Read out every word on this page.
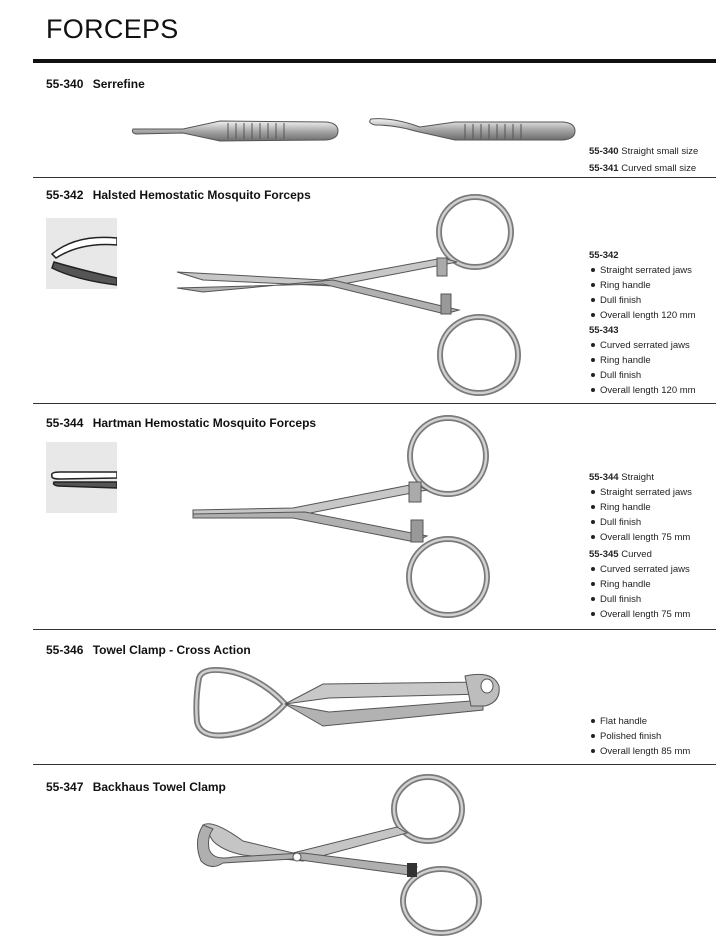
FORCEPS
55-340 Serrefine
55-340 Straight small size
55-341 Curved small size
55-342 Halsted Hemostatic Mosquito Forceps
55-342
Straight serrated jaws
Ring handle
Dull finish
Overall length 120 mm
55-343
Curved serrated jaws
Ring handle
Dull finish
Overall length 120 mm
55-344 Hartman Hemostatic Mosquito Forceps
55-344 Straight
Straight serrated jaws
Ring handle
Dull finish
Overall length 75 mm
55-345 Curved
Curved serrated jaws
Ring handle
Dull finish
Overall length 75 mm
55-346 Towel Clamp - Cross Action
Flat handle
Polished finish
Overall length 85 mm
55-347 Backhaus Towel Clamp
